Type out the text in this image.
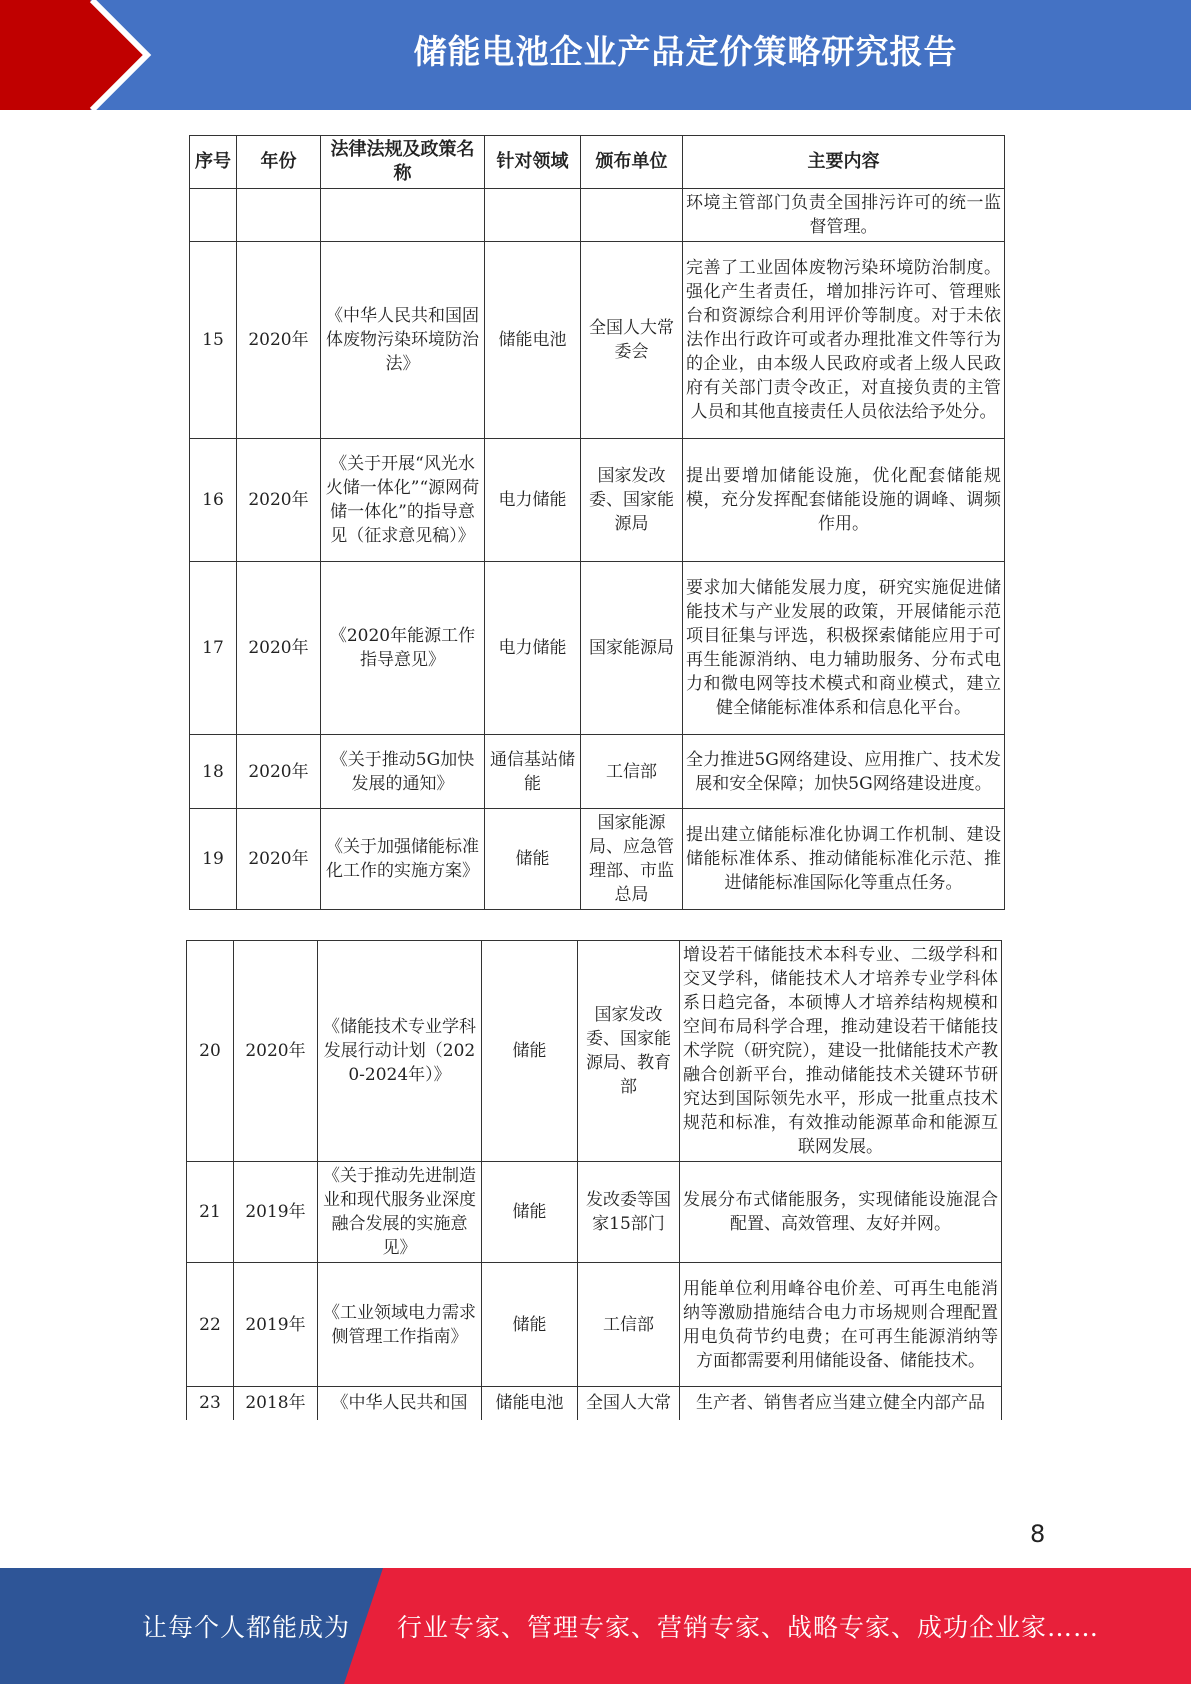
储能电池企业产品定价策略研究报告
序号	年份	法律法规及政策名称	针对领域	颁布单位	主要内容
					环境主管部门负责全国排污许可的统一监督管理。
15	2020年	《中华人民共和国固体废物污染环境防治法》	储能电池	全国人大常委会	完善了工业固体废物污染环境防治制度。强化产生者责任，增加排污许可、管理账台和资源综合利用评价等制度。对于未依法作出行政许可或者办理批准文件等行为的企业，由本级人民政府或者上级人民政府有关部门责令改正，对直接负责的主管人员和其他直接责任人员依法给予处分。
16	2020年	《关于开展“风光水火储一体化”“源网荷储一体化”的指导意见（征求意见稿）》	电力储能	国家发改委、国家能源局	提出要增加储能设施，优化配套储能规模，充分发挥配套储能设施的调峰、调频作用。
17	2020年	《2020年能源工作指导意见》	电力储能	国家能源局	要求加大储能发展力度，研究实施促进储能技术与产业发展的政策，开展储能示范项目征集与评选，积极探索储能应用于可再生能源消纳、电力辅助服务、分布式电力和微电网等技术模式和商业模式，建立健全储能标准体系和信息化平台。
18	2020年	《关于推动5G加快发展的通知》	通信基站储能	工信部	全力推进5G网络建设、应用推广、技术发展和安全保障；加快5G网络建设进度。
19	2020年	《关于加强储能标准化工作的实施方案》	储能	国家能源局、应急管理部、市监总局	提出建立储能标准化协调工作机制、建设储能标准体系、推动储能标准化示范、推进储能标准国际化等重点任务。
20	2020年	《储能技术专业学科发展行动计划（2020-2024年）》	储能	国家发改委、国家能源局、教育部	增设若干储能技术本科专业、二级学科和交叉学科，储能技术人才培养专业学科体系日趋完备，本硕博人才培养结构规模和空间布局科学合理，推动建设若干储能技术学院（研究院），建设一批储能技术产教融合创新平台，推动储能技术关键环节研究达到国际领先水平，形成一批重点技术规范和标准，有效推动能源革命和能源互联网发展。
21	2019年	《关于推动先进制造业和现代服务业深度融合发展的实施意见》	储能	发改委等国家15部门	发展分布式储能服务，实现储能设施混合配置、高效管理、友好并网。
22	2019年	《工业领域电力需求侧管理工作指南》	储能	工信部	用能单位利用峰谷电价差、可再生电能消纳等激励措施结合电力市场规则合理配置用电负荷节约电费；在可再生能源消纳等方面都需要利用储能设备、储能技术。
23	2018年	《中华人民共和国	储能电池	全国人大常	生产者、销售者应当建立健全内部产品
8
让每个人都能成为 行业专家、管理专家、营销专家、战略专家、成功企业家……
